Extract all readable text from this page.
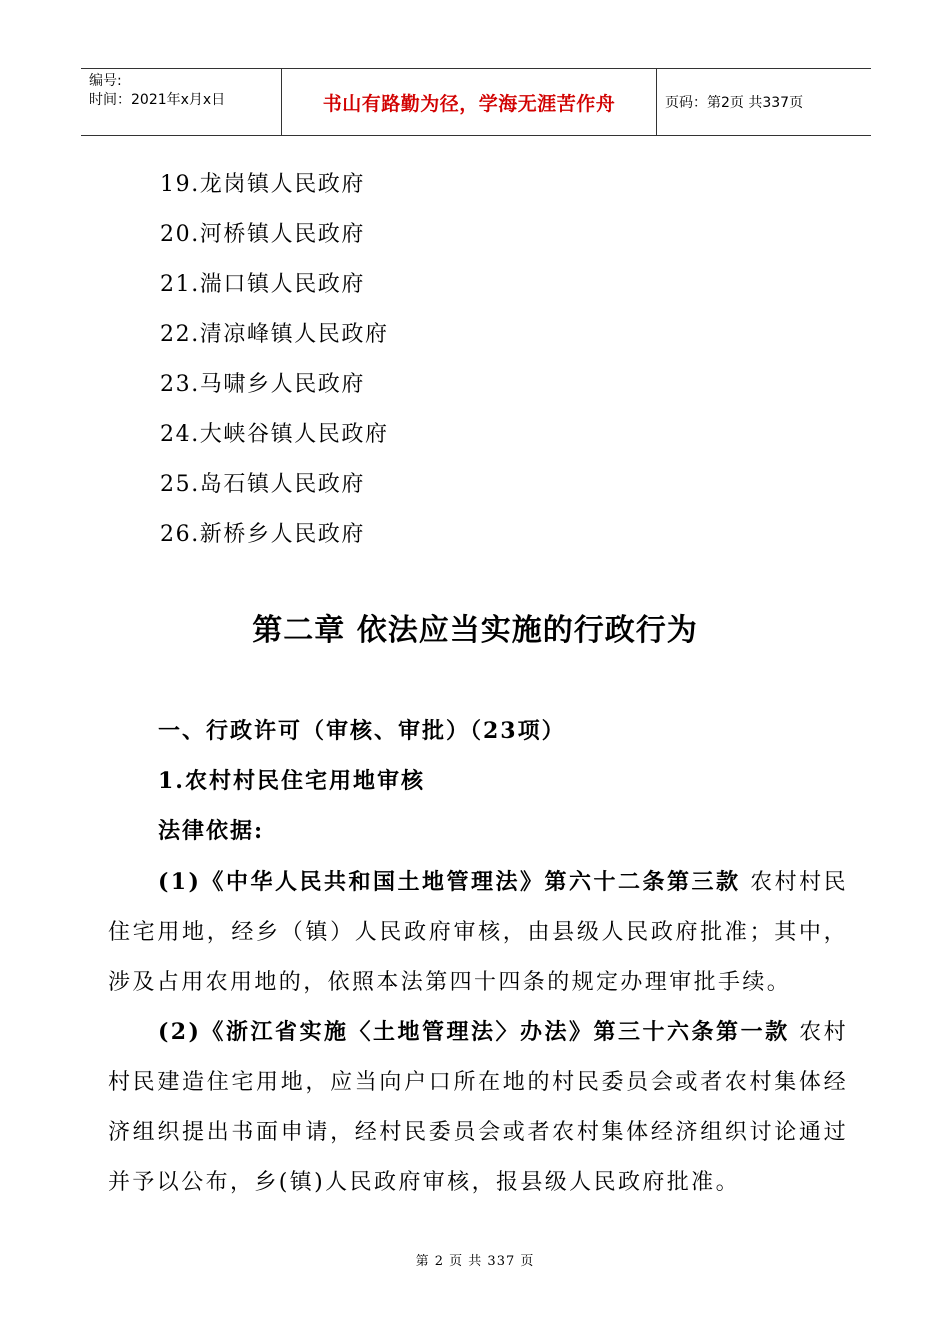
编号:
时间：2021年x月x日	书山有路勤为径，学海无涯苦作舟	页码：第2页 共337页
19.龙岗镇人民政府
20.河桥镇人民政府
21.湍口镇人民政府
22.清凉峰镇人民政府
23.马啸乡人民政府
24.大峡谷镇人民政府
25.岛石镇人民政府
26.新桥乡人民政府
第二章 依法应当实施的行政行为
一、行政许可（审核、审批）（23项）
1.农村村民住宅用地审核
法律依据:

(1)《中华人民共和国土地管理法》第六十二条第三款 农村村民住宅用地，经乡（镇）人民政府审核，由县级人民政府批准；其中，涉及占用农用地的，依照本法第四十四条的规定办理审批手续。

(2)《浙江省实施〈土地管理法〉办法》第三十六条第一款 农村村民建造住宅用地，应当向户口所在地的村民委员会或者农村集体经济组织提出书面申请，经村民委员会或者农村集体经济组织讨论通过并予以公布，乡(镇)人民政府审核，报县级人民政府批准。

第 2 页 共 337 页
